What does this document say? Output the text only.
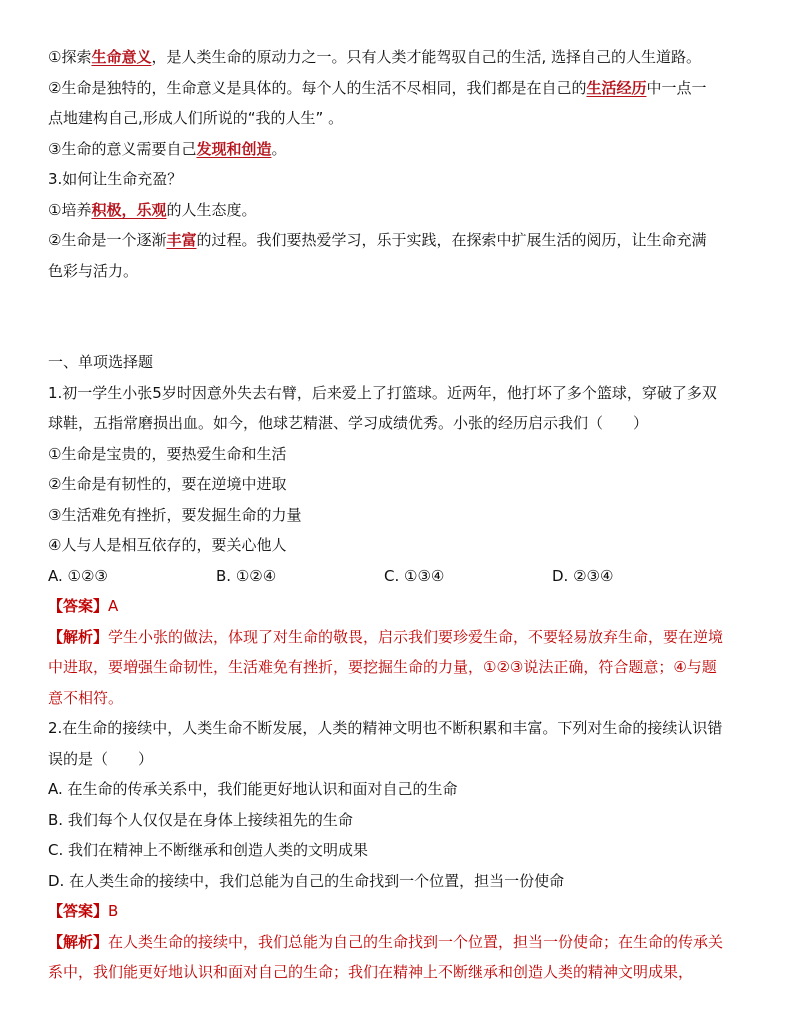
①探索生命意义，是人类生命的原动力之一。只有人类才能驾驭自己的生活, 选择自己的人生道路。

②生命是独特的，生命意义是具体的。每个人的生活不尽相同，我们都是在自己的生活经历中一点一

点地建构自己,形成人们所说的“我的人生” 。

③生命的意义需要自己发现和创造。

3.如何让生命充盈？

①培养积极，乐观的人生态度。

②生命是一个逐渐丰富的过程。我们要热爱学习，乐于实践，在探索中扩展生活的阅历，让生命充满

色彩与活力。

一、单项选择题

1.初一学生小张5岁时因意外失去右臂，后来爱上了打篮球。近两年，他打坏了多个篮球，穿破了多双

球鞋，五指常磨损出血。如今，他球艺精湛、学习成绩优秀。小张的经历启示我们（　　）

①生命是宝贵的，要热爱生命和生活

②生命是有韧性的，要在逆境中进取

③生活难免有挫折，要发掘生命的力量

④人与人是相互依存的，要关心他人

A. ①②③	B. ①②④	C. ①③④	D. ②③④

【答案】A

【解析】学生小张的做法，体现了对生命的敬畏，启示我们要珍爱生命，不要轻易放弃生命，要在逆境

中进取，要増强生命韧性，生活难免有挫折，要挖掘生命的力量，①②③说法正确，符合题意；④与题

意不相符。

2.在生命的接续中，人类生命不断发展，人类的精神文明也不断积累和丰富。下列对生命的接续认识错

误的是（　　）

A. 在生命的传承关系中，我们能更好地认识和面对自己的生命

B. 我们每个人仅仅是在身体上接续祖先的生命

C. 我们在精神上不断继承和创造人类的文明成果

D. 在人类生命的接续中，我们总能为自己的生命找到一个位置，担当一份使命

【答案】B

【解析】在人类生命的接续中，我们总能为自己的生命找到一个位置，担当一份使命；在生命的传承关

系中，我们能更好地认识和面对自己的生命；我们在精神上不断继承和创造人类的精神文明成果，
